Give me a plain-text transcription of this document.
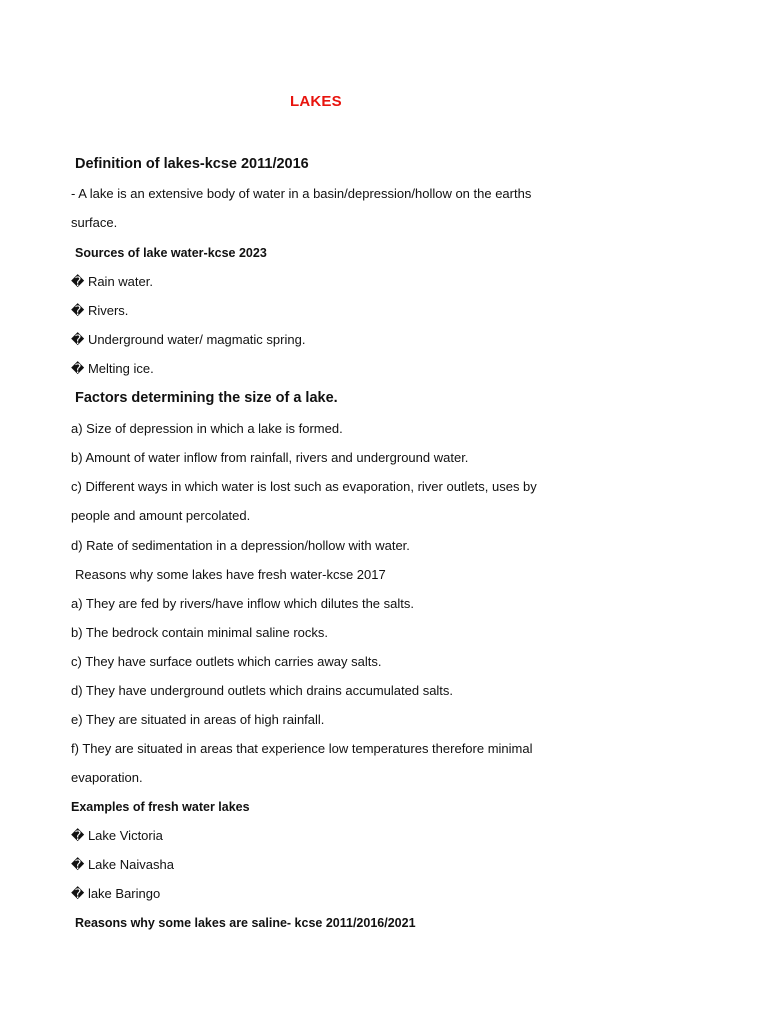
LAKES
Definition of lakes-kcse 2011/2016
- A lake is an extensive body of water in a basin/depression/hollow on the earths
surface.
Sources of lake water-kcse 2023
� Rain water.
� Rivers.
� Underground water/ magmatic spring.
� Melting ice.
Factors determining the size of a lake.
a) Size of depression in which a lake is formed.
b) Amount of water inflow from rainfall, rivers and underground water.
c) Different ways in which water is lost such as evaporation, river outlets, uses by
people and amount percolated.
d) Rate of sedimentation in a depression/hollow with water.
Reasons why some lakes have fresh water-kcse 2017
a) They are fed by rivers/have inflow which dilutes the salts.
b) The bedrock contain minimal saline rocks.
c) They have surface outlets which carries away salts.
d) They have underground outlets which drains accumulated salts.
e) They are situated in areas of high rainfall.
f) They are situated in areas that experience low temperatures therefore minimal
evaporation.
Examples of fresh water lakes
� Lake Victoria
� Lake Naivasha
� lake Baringo
Reasons why some lakes are saline- kcse 2011/2016/2021
